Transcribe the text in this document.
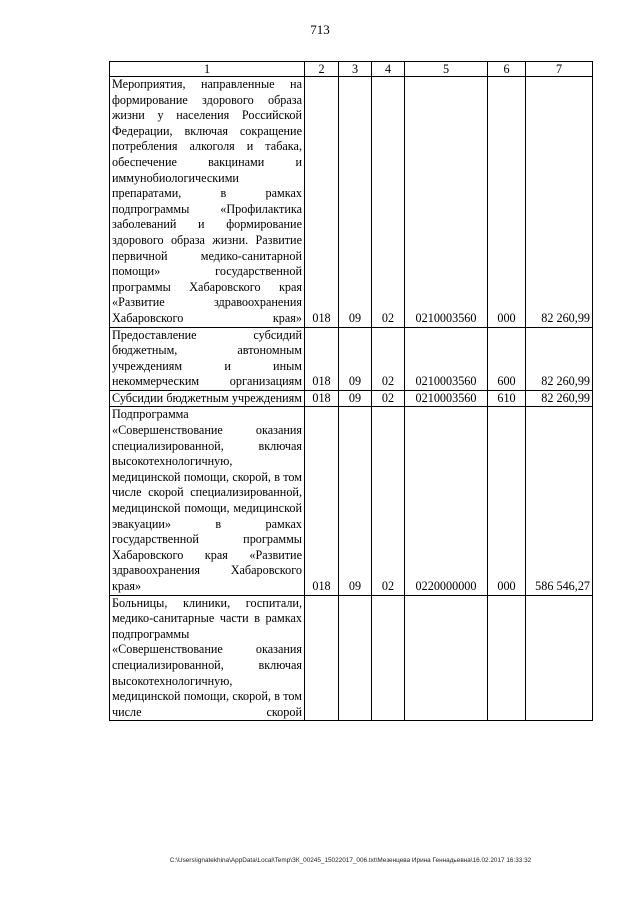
713
1	2	3	4	5	6	7
Мероприятия, направленные на формирование здорового образа жизни у населения Российской Федерации, включая сокращение потребления алкоголя и табака, обеспечение вакцинами и иммунобиологическими препаратами, в рамках подпрограммы «Профилактика заболеваний и формирование здорового образа жизни. Развитие первичной медико-санитарной помощи» государственной программы Хабаровского края «Развитие здравоохранения Хабаровского края»	018	09	02	0210003560	000	82 260,99
Предоставление субсидий бюджетным, автономным учреждениям и иным некоммерческим организациям	018	09	02	0210003560	600	82 260,99
Субсидии бюджетным учреждениям	018	09	02	0210003560	610	82 260,99
Подпрограмма «Совершенствование оказания специализированной, включая высокотехнологичную, медицинской помощи, скорой, в том числе скорой специализированной, медицинской помощи, медицинской эвакуации» в рамках государственной программы Хабаровского края «Развитие здравоохранения Хабаровского края»	018	09	02	0220000000	000	586 546,27
Больницы, клиники, госпитали, медико-санитарные части в рамках подпрограммы «Совершенствование оказания специализированной, включая высокотехнологичную, медицинской помощи, скорой, в том числе скорой						
C:\Users\ignatekhina\AppData\Local\Temp\ЗК_00245_15022017_006.txt\Мезенцева Ирина Геннадьевна\16.02.2017 16:33:32
